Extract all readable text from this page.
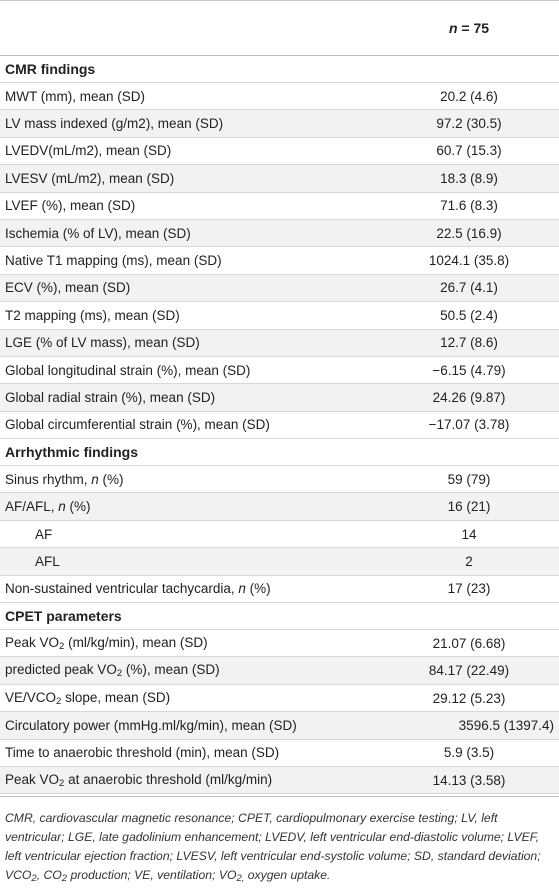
	n = 75
CMR findings	
MWT (mm), mean (SD)	20.2 (4.6)
LV mass indexed (g/m2), mean (SD)	97.2 (30.5)
LVEDV(mL/m2), mean (SD)	60.7 (15.3)
LVESV (mL/m2), mean (SD)	18.3 (8.9)
LVEF (%), mean (SD)	71.6 (8.3)
Ischemia (% of LV), mean (SD)	22.5 (16.9)
Native T1 mapping (ms), mean (SD)	1024.1 (35.8)
ECV (%), mean (SD)	26.7 (4.1)
T2 mapping (ms), mean (SD)	50.5 (2.4)
LGE (% of LV mass), mean (SD)	12.7 (8.6)
Global longitudinal strain (%), mean (SD)	−6.15 (4.79)
Global radial strain (%), mean (SD)	24.26 (9.87)
Global circumferential strain (%), mean (SD)	−17.07 (3.78)
Arrhythmic findings	
Sinus rhythm, n (%)	59 (79)
AF/AFL, n (%)	16 (21)
AF	14
AFL	2
Non-sustained ventricular tachycardia, n (%)	17 (23)
CPET parameters	
Peak $VO_2$ (ml/kg/min), mean (SD)	21.07 (6.68)
predicted peak $VO_2$ (%), mean (SD)	84.17 (22.49)
$VE/VCO_2$ slope, mean (SD)	29.12 (5.23)
Circulatory power (mmHg.ml/kg/min), mean (SD)	3596.5 (1397.4)
Time to anaerobic threshold (min), mean (SD)	5.9 (3.5)
Peak $VO_2$ at anaerobic threshold (ml/kg/min)	14.13 (3.58)
CMR, cardiovascular magnetic resonance; CPET, cardiopulmonary exercise testing; LV, left ventricular; LGE, late gadolinium enhancement; LVEDV, left ventricular end-diastolic volume; LVEF, left ventricular ejection fraction; LVESV, left ventricular end-systolic volume; SD, standard deviation; $VCO_2$, $CO_2$ production; VE, ventilation; $VO_{2,}$ oxygen uptake.
